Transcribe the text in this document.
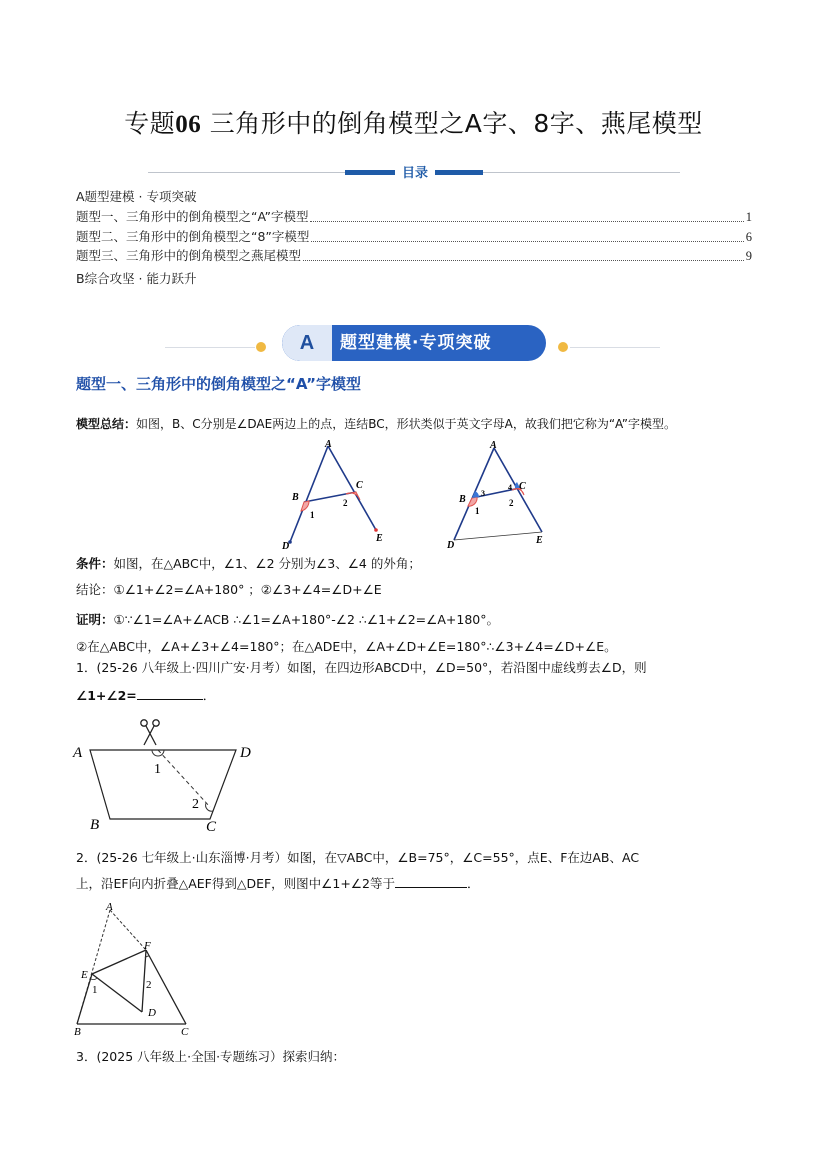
专题06 三角形中的倒角模型之A字、8字、燕尾模型
目录
A题型建模 · 专项突破
题型一、三角形中的倒角模型之“A”字模型	1
题型二、三角形中的倒角模型之“8”字模型	6
题型三、三角形中的倒角模型之燕尾模型	9
B综合攻坚 · 能力跃升
A	题型建模·专项突破
题型一、三角形中的倒角模型之“A”字模型
模型总结：如图，B、C分别是∠DAE两边上的点，连结BC，形状类似于英文字母A，故我们把它称为“A”字模型。
A
B
C
D
E
1
2
A
B
C
D	E
1
2
3
4
条件：如图，在△ABC中，∠1、∠2 分别为∠3、∠4 的外角；
结论：①∠1+∠2=∠A+180° ；②∠3+∠4=∠D+∠E
证明：①∵∠1=∠A+∠ACB ∴∠1=∠A+180°-∠2 ∴∠1+∠2=∠A+180°。
②在△ABC中，∠A+∠3+∠4=180°；在△ADE中，∠A+∠D+∠E=180°∴∠3+∠4=∠D+∠E。
1．(25-26 八年级上·四川广安·月考）如图，在四边形ABCD中，∠D=50°，若沿图中虚线剪去∠D，则
∠1+∠2=	．
A	D
B	C
1
2
2．(25-26 七年级上·山东淄博·月考）如图，在▽ABC中，∠B=75°，∠C=55°，点E、F在边AB、AC
上，沿EF向内折叠△AEF得到△DEF，则图中∠1+∠2等于	．
A
E
F
D
B	C
1	2
3．(2025 八年级上·全国·专题练习）探索归纳：
